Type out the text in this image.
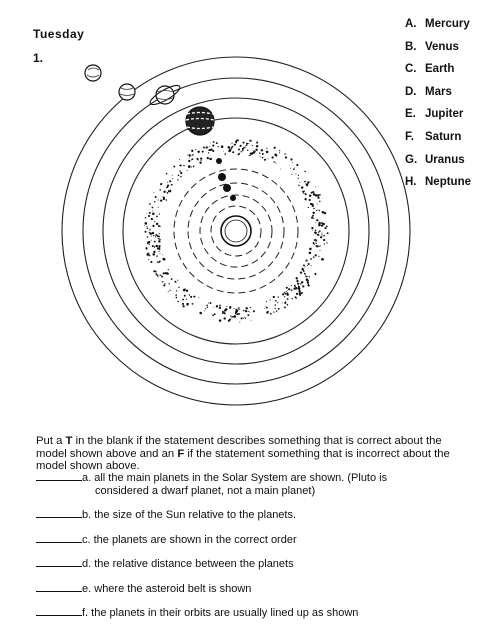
Tuesday
1.
A. Mercury
B. Venus
C. Earth
D. Mars
E. Jupiter
F. Saturn
G. Uranus
H. Neptune

Put a T in the blank if the statement describes something that is correct about the model shown above and an F if the statement something that is incorrect about the model shown above.

a. all the main planets in the Solar System are shown. (Pluto is
considered a dwarf planet, not a main planet)
b. the size of the Sun relative to the planets.
c. the planets are shown in the correct order
d. the relative distance between the planets
e. where the asteroid belt is shown
f. the planets in their orbits are usually lined up as shown
